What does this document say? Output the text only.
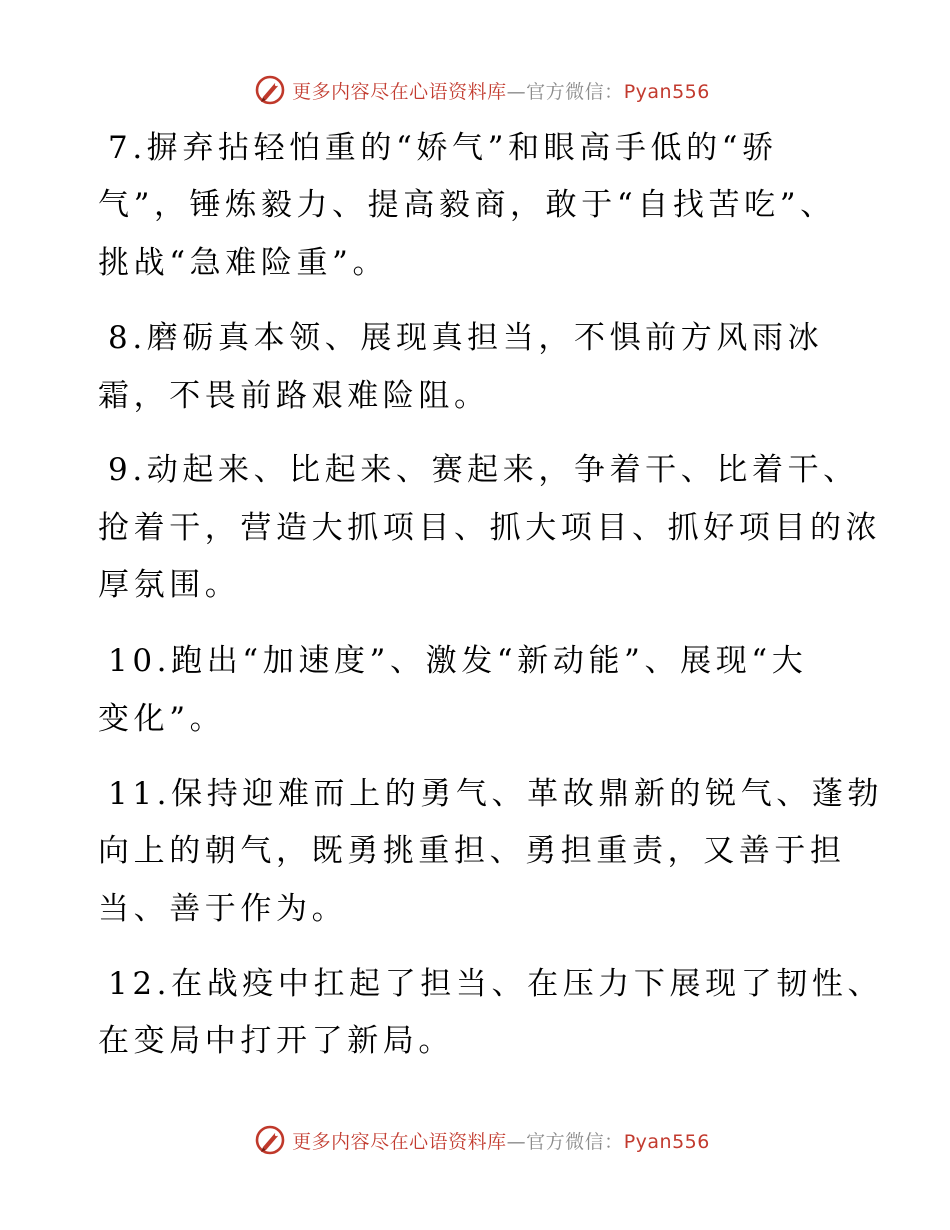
更多内容尽在心语资料库—官方微信：Pyan556
7.摒弃拈轻怕重的“娇气”和眼高手低的“骄
气”，锤炼毅力、提高毅商，敢于“自找苦吃”、
挑战“急难险重”。
8.磨砺真本领、展现真担当，不惧前方风雨冰
霜，不畏前路艰难险阻。
9.动起来、比起来、赛起来，争着干、比着干、
抢着干，营造大抓项目、抓大项目、抓好项目的浓
厚氛围。
10.跑出“加速度”、激发“新动能”、展现“大
变化”。
11.保持迎难而上的勇气、革故鼎新的锐气、蓬勃
向上的朝气，既勇挑重担、勇担重责，又善于担
当、善于作为。
12.在战疫中扛起了担当、在压力下展现了韧性、
在变局中打开了新局。
更多内容尽在心语资料库—官方微信：Pyan556
